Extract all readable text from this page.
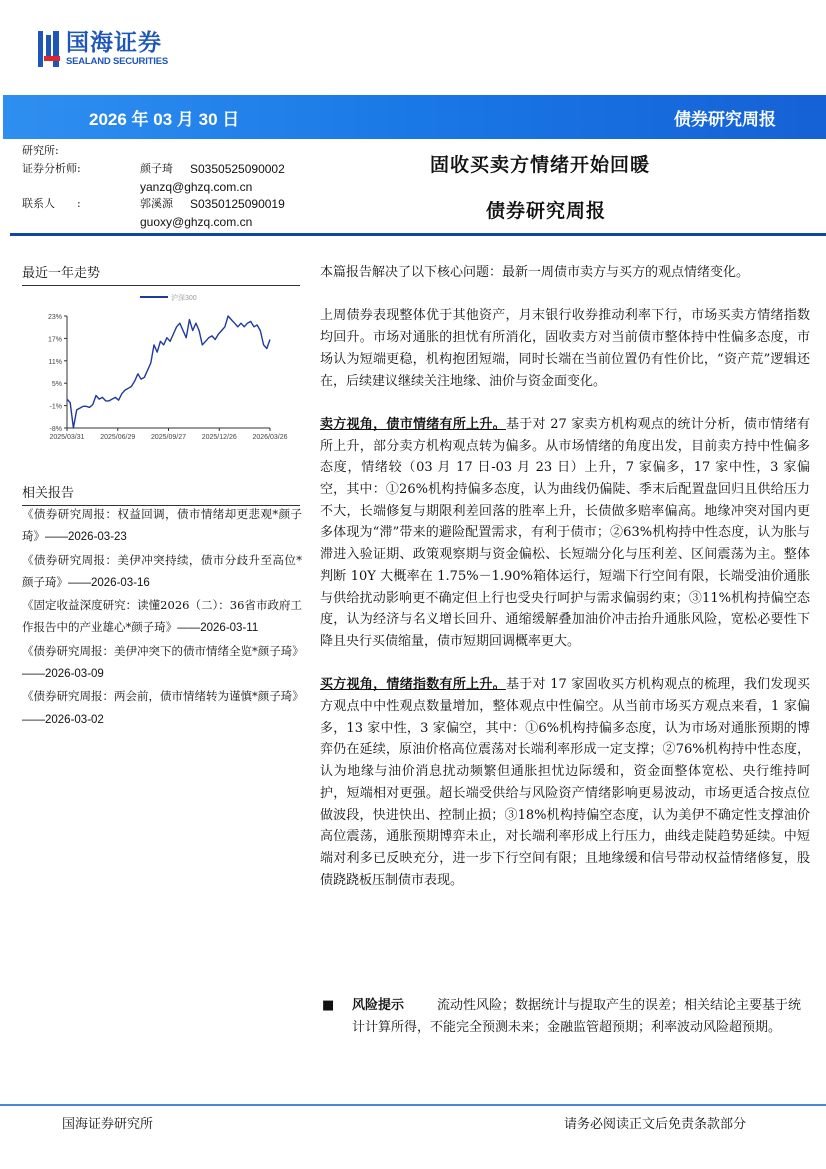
国海证券
SEALAND SECURITIES
2026 年 03 月 30 日	债券研究周报
研究所:
证券分析师:	颜子琦 S0350525090002
yanzq@ghzq.com.cn
联系人　　:	郭溪源 S0350125090019
guoxy@ghzq.com.cn
固收买卖方情绪开始回暖
债券研究周报
最近一年走势
沪深300
23%
17%
11%
5%
-1%
-8%
2025/03/31 2025/06/29 2025/09/27 2025/12/26 2026/03/26
相关报告
《债券研究周报：权益回调，债市情绪却更悲观*颜子琦》——2026-03-23
《债券研究周报：美伊冲突持续，债市分歧升至高位*颜子琦》——2026-03-16
《固定收益深度研究：读懂2026（二）：36省市政府工作报告中的产业雄心*颜子琦》——2026-03-11
《债券研究周报：美伊冲突下的债市情绪全览*颜子琦》——2026-03-09
《债券研究周报：两会前，债市情绪转为谨慎*颜子琦》——2026-03-02

本篇报告解决了以下核心问题：最新一周债市卖方与买方的观点情绪变化。

上周债券表现整体优于其他资产，月末银行收券推动利率下行，市场买卖方情绪指数均回升。市场对通胀的担忧有所消化，固收卖方对当前债市整体持中性偏多态度，市场认为短端更稳，机构抱团短端，同时长端在当前位置仍有性价比，“资产荒”逻辑还在，后续建议继续关注地缘、油价与资金面变化。

卖方视角，债市情绪有所上升。基于对 27 家卖方机构观点的统计分析，债市情绪有所上升，部分卖方机构观点转为偏多。从市场情绪的角度出发，目前卖方持中性偏多态度，情绪较（03 月 17 日-03 月 23 日）上升，7 家偏多，17 家中性，3 家偏空，其中：①26%机构持偏多态度，认为曲线仍偏陡、季末后配置盘回归且供给压力不大，长端修复与期限利差回落的胜率上升，长债做多赔率偏高。地缘冲突对国内更多体现为“滞”带来的避险配置需求，有利于债市；②63%机构持中性态度，认为胀与滞进入验证期、政策观察期与资金偏松、长短端分化与压利差、区间震荡为主。整体判断 10Y 大概率在 1.75%－1.90%箱体运行，短端下行空间有限，长端受油价通胀与供给扰动影响更不确定但上行也受央行呵护与需求偏弱约束；③11%机构持偏空态度，认为经济与名义增长回升、通缩缓解叠加油价冲击抬升通胀风险，宽松必要性下降且央行买债缩量，债市短期回调概率更大。

买方视角，情绪指数有所上升。基于对 17 家固收买方机构观点的梳理，我们发现买方观点中中性观点数量增加，整体观点中性偏空。从当前市场买方观点来看，1 家偏多，13 家中性，3 家偏空，其中：①6%机构持偏多态度，认为市场对通胀预期的博弈仍在延续，原油价格高位震荡对长端利率形成一定支撑；②76%机构持中性态度，认为地缘与油价消息扰动频繁但通胀担忧边际缓和，资金面整体宽松、央行维持呵护，短端相对更强。超长端受供给与风险资产情绪影响更易波动，市场更适合按点位做波段，快进快出、控制止损；③18%机构持偏空态度，认为美伊不确定性支撑油价高位震荡，通胀预期博弈未止，对长端利率形成上行压力，曲线走陡趋势延续。中短端对利多已反映充分，进一步下行空间有限；且地缘缓和信号带动权益情绪修复，股债跷跷板压制债市表现。

■ 风险提示	流动性风险；数据统计与提取产生的误差；相关结论主要基于统计计算所得，不能完全预测未来；金融监管超预期；利率波动风险超预期。
国海证券研究所	请务必阅读正文后免责条款部分
